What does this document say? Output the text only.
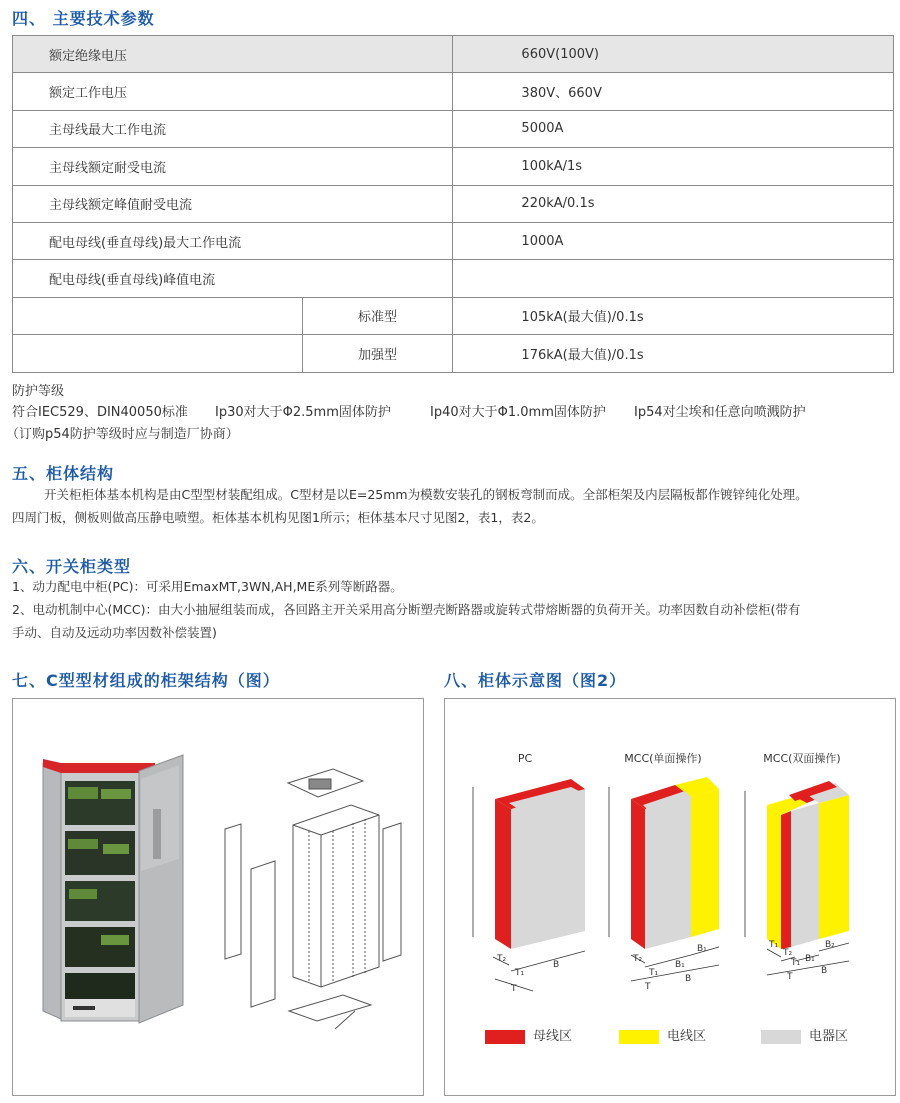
四、 主要技术参数
额定绝缘电压		660V(100V)
额定工作电压		380V、660V
主母线最大工作电流		5000A
主母线额定耐受电流		100kA/1s
主母线额定峰值耐受电流		220kA/0.1s
配电母线(垂直母线)最大工作电流		1000A
配电母线(垂直母线)峰值电流		
	标准型	105kA(最大值)/0.1s
	加强型	176kA(最大值)/0.1s
防护等级
符合IEC529、DIN40050标准 Ip30对大于Φ2.5mm固体防护	Ip40对大于Φ1.0mm固体防护 Ip54对尘埃和任意向喷溅防护
（订购p54防护等级时应与制造厂协商）
五、柜体结构
开关柜柜体基本机构是由C型型材装配组成。C型材是以E=25mm为模数安装孔的钢板弯制而成。全部柜架及内层隔板都作镀锌纯化处理。
四周门板，侧板则做高压静电喷塑。柜体基本机构见图1所示；柜体基本尺寸见图2，表1，表2。
六、开关柜类型
1、动力配电中柜(PC)：可采用EmaxMT,3WN,AH,ME系列等断路器。
2、电动机制中心(MCC)：由大小抽屉组装而成，各回路主开关采用高分断塑壳断路器或旋转式带熔断器的负荷开关。功率因数自动补偿柜(带有
手动、自动及远动功率因数补偿装置)
七、C型型材组成的柜架结构（图）	八、柜体示意图（图2）
PC	MCC(单面操作)	MCC(双面操作)
T₂
T₁
B
T
T₂
T₁
B₁
B₁
B
T
T₁
T₂
T₁
B₂
B₁
B
T
母线区	电线区	电器区
